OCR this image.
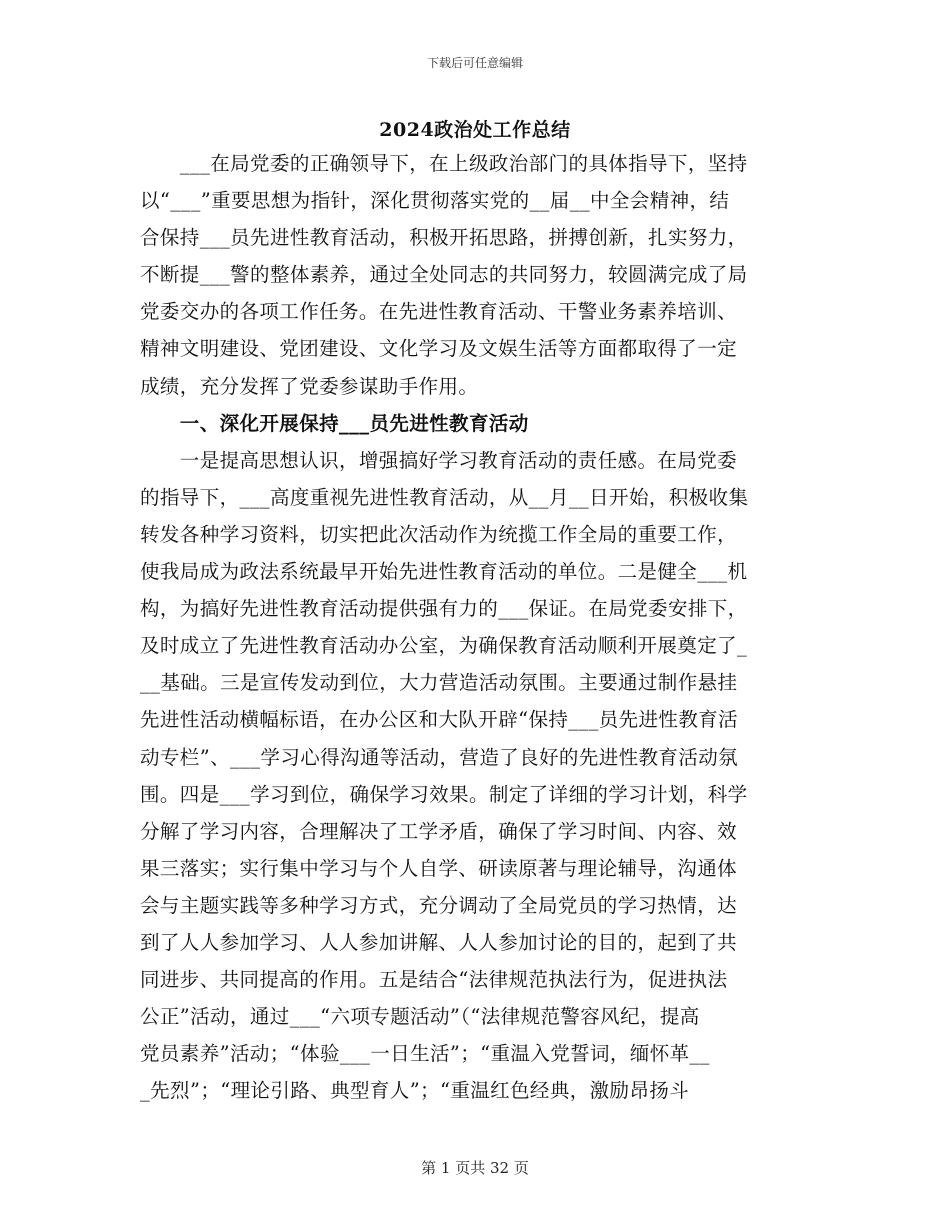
下载后可任意编辑
2024政治处工作总结
　　___在局党委的正确领导下，在上级政治部门的具体指导下，坚持
以“___”重要思想为指针，深化贯彻落实党的__届__中全会精神，结
合保持___员先进性教育活动，积极开拓思路，拼搏创新，扎实努力，
不断提___警的整体素养，通过全处同志的共同努力，较圆满完成了局
党委交办的各项工作任务。在先进性教育活动、干警业务素养培训、
精神文明建设、党团建设、文化学习及文娱生活等方面都取得了一定
成绩，充分发挥了党委参谋助手作用。
　　一、深化开展保持___员先进性教育活动
　　一是提高思想认识，增强搞好学习教育活动的责任感。在局党委
的指导下，___高度重视先进性教育活动，从__月__日开始，积极收集
转发各种学习资料，切实把此次活动作为统揽工作全局的重要工作，
使我局成为政法系统最早开始先进性教育活动的单位。二是健全___机
构，为搞好先进性教育活动提供强有力的___保证。在局党委安排下，
及时成立了先进性教育活动办公室，为确保教育活动顺利开展奠定了_
__基础。三是宣传发动到位，大力营造活动氛围。主要通过制作悬挂
先进性活动横幅标语，在办公区和大队开辟“保持___员先进性教育活
动专栏”、___学习心得沟通等活动，营造了良好的先进性教育活动氛
围。四是___学习到位，确保学习效果。制定了详细的学习计划，科学
分解了学习内容，合理解决了工学矛盾，确保了学习时间、内容、效
果三落实；实行集中学习与个人自学、研读原著与理论辅导，沟通体
会与主题实践等多种学习方式，充分调动了全局党员的学习热情，达
到了人人参加学习、人人参加讲解、人人参加讨论的目的，起到了共
同进步、共同提高的作用。五是结合“法律规范执法行为，促进执法
公正”活动，通过___“六项专题活动”（“法律规范警容风纪，提高
党员素养”活动；“体验___一日生活”；“重温入党誓词，缅怀革__
_先烈”；“理论引路、典型育人”；“重温红色经典，激励昂扬斗
第 1 页共 32 页
